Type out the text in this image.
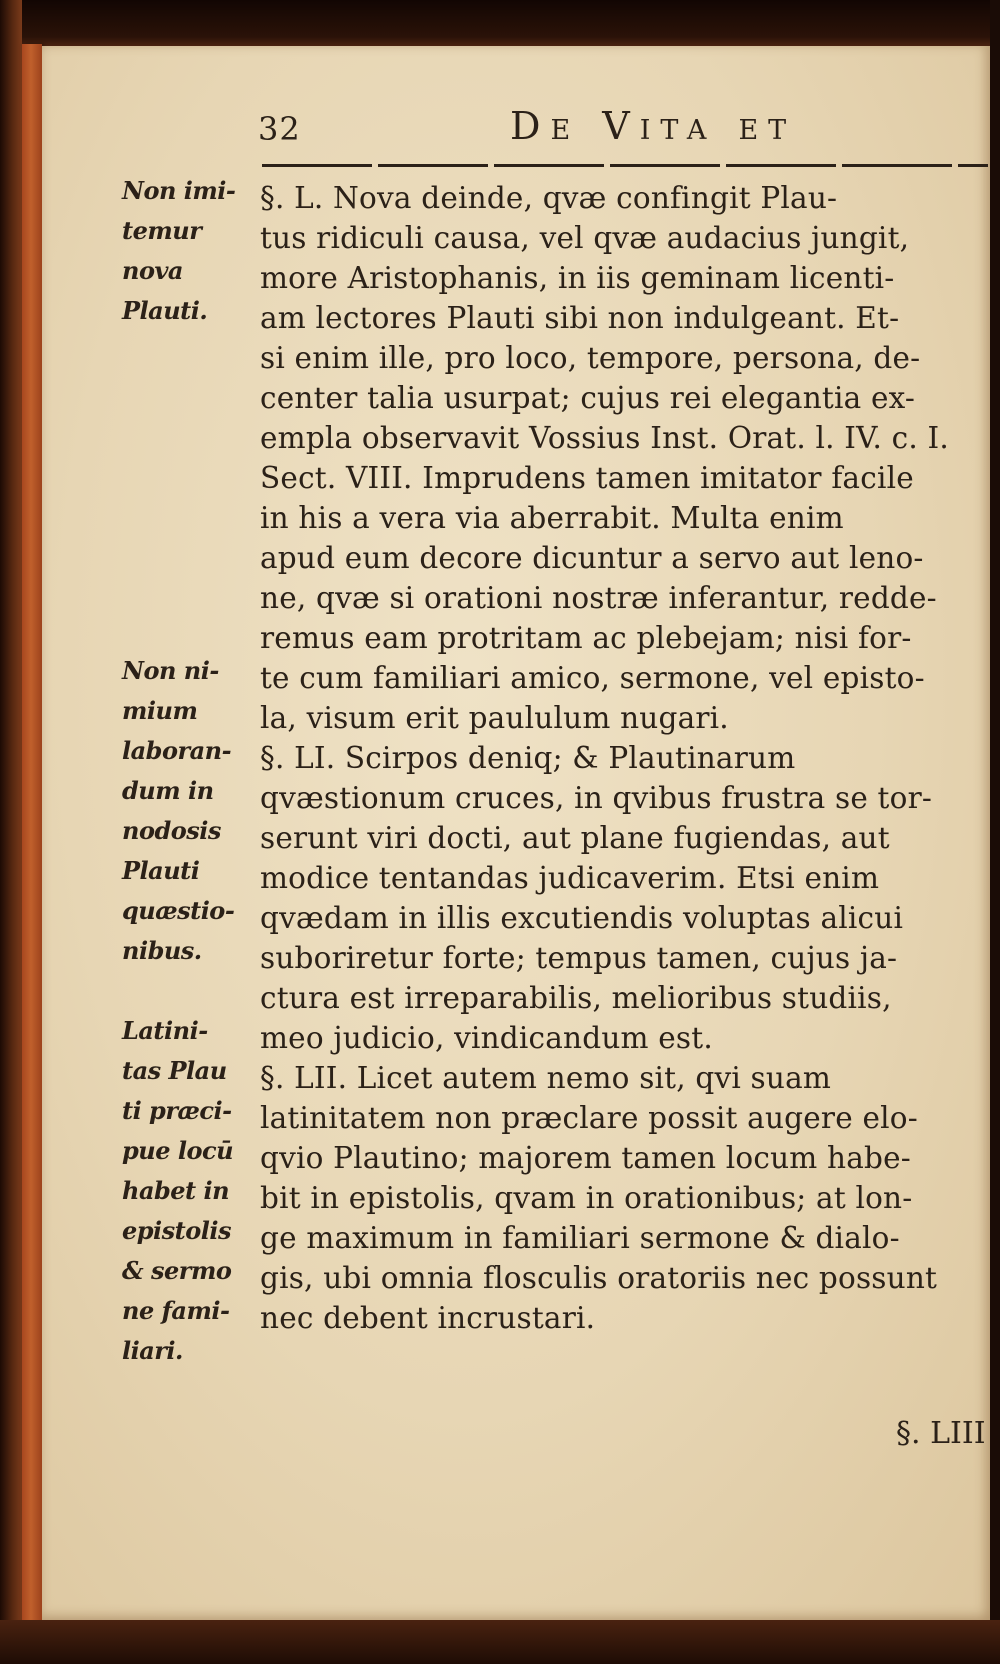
32	De Vita et
Non imi-
temur
nova
Plauti.
Non ni-
mium
laboran-
dum in
nodosis
Plauti
quæstio-
nibus.
Latini-
tas Plau
ti præci-
pue locū
habet in
epistolis
& sermo
ne fami-
liari.
§. L. Nova deinde, qvæ confingit Plau-
tus ridiculi causa, vel qvæ audacius jungit,
more Aristophanis, in iis geminam licenti-
am lectores Plauti sibi non indulgeant. Et-
si enim ille, pro loco, tempore, persona, de-
center talia usurpat; cujus rei elegantia ex-
empla observavit Vossius Inst. Orat. l. IV. c. I.
Sect. VIII. Imprudens tamen imitator facile
in his a vera via aberrabit. Multa enim
apud eum decore dicuntur a servo aut leno-
ne, qvæ si orationi nostræ inferantur, redde-
remus eam protritam ac plebejam; nisi for-
te cum familiari amico, sermone, vel episto-
la, visum erit paululum nugari.
§. LI. Scirpos deniq; & Plautinarum
qvæstionum cruces, in qvibus frustra se tor-
serunt viri docti, aut plane fugiendas, aut
modice tentandas judicaverim. Etsi enim
qvædam in illis excutiendis voluptas alicui
suboriretur forte; tempus tamen, cujus ja-
ctura est irreparabilis, melioribus studiis,
meo judicio, vindicandum est.
§. LII. Licet autem nemo sit, qvi suam
latinitatem non præclare possit augere elo-
qvio Plautino; majorem tamen locum habe-
bit in epistolis, qvam in orationibus; at lon-
ge maximum in familiari sermone & dialo-
gis, ubi omnia flosculis oratoriis nec possunt
nec debent incrustari.
§. LIII
